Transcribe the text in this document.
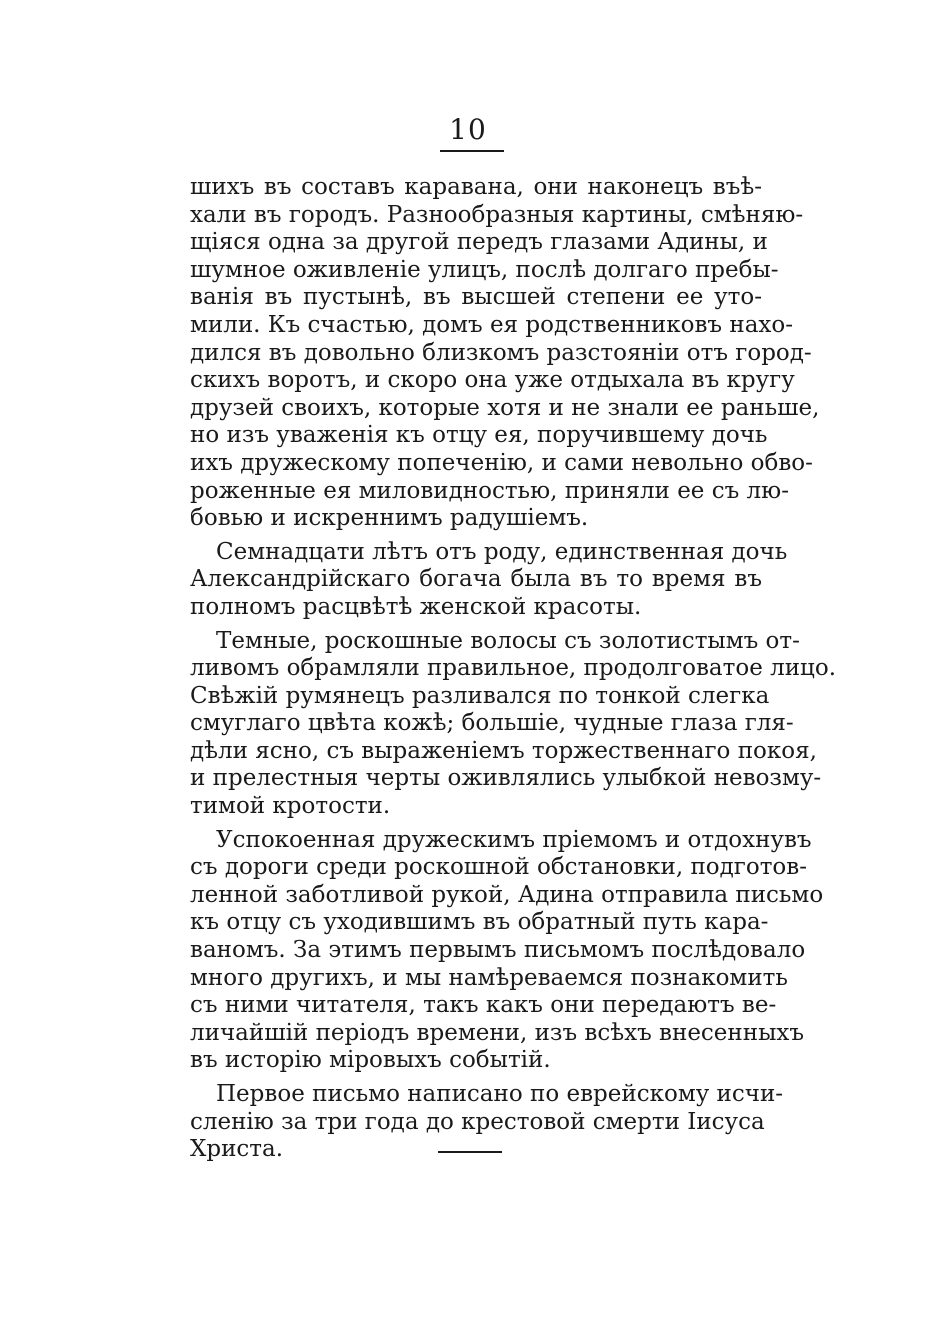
10
шихъ въ составъ каравана, они наконецъ въѣ-
хали въ городъ. Разнообразныя картины, смѣняю-
щіяся одна за другой передъ глазами Адины, и
шумное оживленіе улицъ, послѣ долгаго пребы-
ванія въ пустынѣ, въ высшей степени ее уто-
мили. Къ счастью, домъ ея родственниковъ нахо-
дился въ довольно близкомъ разстояніи отъ город-
скихъ воротъ, и скоро она уже отдыхала въ кругу
друзей своихъ, которые хотя и не знали ее раньше,
но изъ уваженія къ отцу ея, поручившему дочь
ихъ дружескому попеченію, и сами невольно обво-
роженные ея миловидностью, приняли ее съ лю-
бовью и искреннимъ радушіемъ.
Семнадцати лѣтъ отъ роду, единственная дочь
Александрійскаго богача была въ то время въ
полномъ расцвѣтѣ женской красоты.
Темные, роскошные волосы съ золотистымъ от-
ливомъ обрамляли правильное, продолговатое лицо.
Свѣжій румянецъ разливался по тонкой слегка
смуглаго цвѣта кожѣ; большіе, чудные глаза гля-
дѣли ясно, съ выраженіемъ торжественнаго покоя,
и прелестныя черты оживлялись улыбкой невозму-
тимой кротости.
Успокоенная дружескимъ пріемомъ и отдохнувъ
съ дороги среди роскошной обстановки, подготов-
ленной заботливой рукой, Адина отправила письмо
къ отцу съ уходившимъ въ обратный путь кара-
ваномъ. За этимъ первымъ письмомъ послѣдовало
много другихъ, и мы намѣреваемся познакомить
съ ними читателя, такъ какъ они передаютъ ве-
личайшій періодъ времени, изъ всѣхъ внесенныхъ
въ исторію міровыхъ событій.
Первое письмо написано по еврейскому исчи-
сленію за три года до крестовой смерти Іисуса
Христа.
